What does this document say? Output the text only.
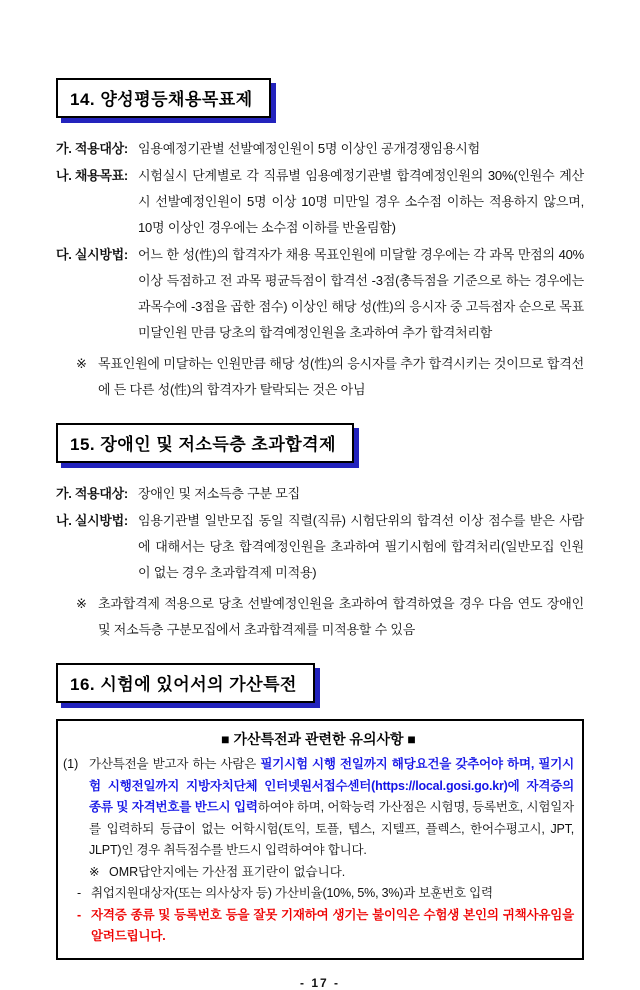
14. 양성평등채용목표제
가. 적용대상: 임용예정기관별 선발예정인원이 5명 이상인 공개경쟁임용시험
나. 채용목표: 시험실시 단계별로 각 직류별 임용예정기관별 합격예정인원의 30%(인원수 계산 시 선발예정인원이 5명 이상 10명 미만일 경우 소수점 이하는 적용하지 않으며, 10명 이상인 경우에는 소수점 이하를 반올림함)
다. 실시방법: 어느 한 성(性)의 합격자가 채용 목표인원에 미달할 경우에는 각 과목 만점의 40% 이상 득점하고 전 과목 평균득점이 합격선 -3점(총득점을 기준으로 하는 경우에는 과목수에 -3점을 곱한 점수) 이상인 해당 성(性)의 응시자 중 고득점자 순으로 목표미달인원 만큼 당초의 합격예정인원을 초과하여 추가 합격처리함
※ 목표인원에 미달하는 인원만큼 해당 성(性)의 응시자를 추가 합격시키는 것이므로 합격선에 든 다른 성(性)의 합격자가 탈락되는 것은 아님
15. 장애인 및 저소득층 초과합격제
가. 적용대상: 장애인 및 저소득층 구분 모집
나. 실시방법: 임용기관별 일반모집 동일 직렬(직류) 시험단위의 합격선 이상 점수를 받은 사람에 대해서는 당초 합격예정인원을 초과하여 필기시험에 합격처리(일반모집 인원이 없는 경우 초과합격제 미적용)
※ 초과합격제 적용으로 당초 선발예정인원을 초과하여 합격하였을 경우 다음 연도 장애인 및 저소득층 구분모집에서 초과합격제를 미적용할 수 있음
16. 시험에 있어서의 가산특전
■ 가산특전과 관련한 유의사항 ■
(1) 가산특전을 받고자 하는 사람은 필기시험 시행 전일까지 해당요건을 갖추어야 하며, 필기시험 시행전일까지 지방자치단체 인터넷원서접수센터(https://local.gosi.go.kr)에 자격증의 종류 및 자격번호를 반드시 입력하여야 하며, 어학능력 가산점은 시험명, 등록번호, 시험일자를 입력하되 등급이 없는 어학시험(토익, 토플, 텝스, 지텔프, 플렉스, 한어수평고시, JPT, JLPT)인 경우 취득점수를 반드시 입력하여야 합니다.
※ OMR답안지에는 가산점 표기란이 없습니다.
- 취업지원대상자(또는 의사상자 등) 가산비율(10%, 5%, 3%)과 보훈번호 입력
- 자격증 종류 및 등록번호 등을 잘못 기재하여 생기는 불이익은 수험생 본인의 귀책사유임을 알려드립니다.
- 17 -
